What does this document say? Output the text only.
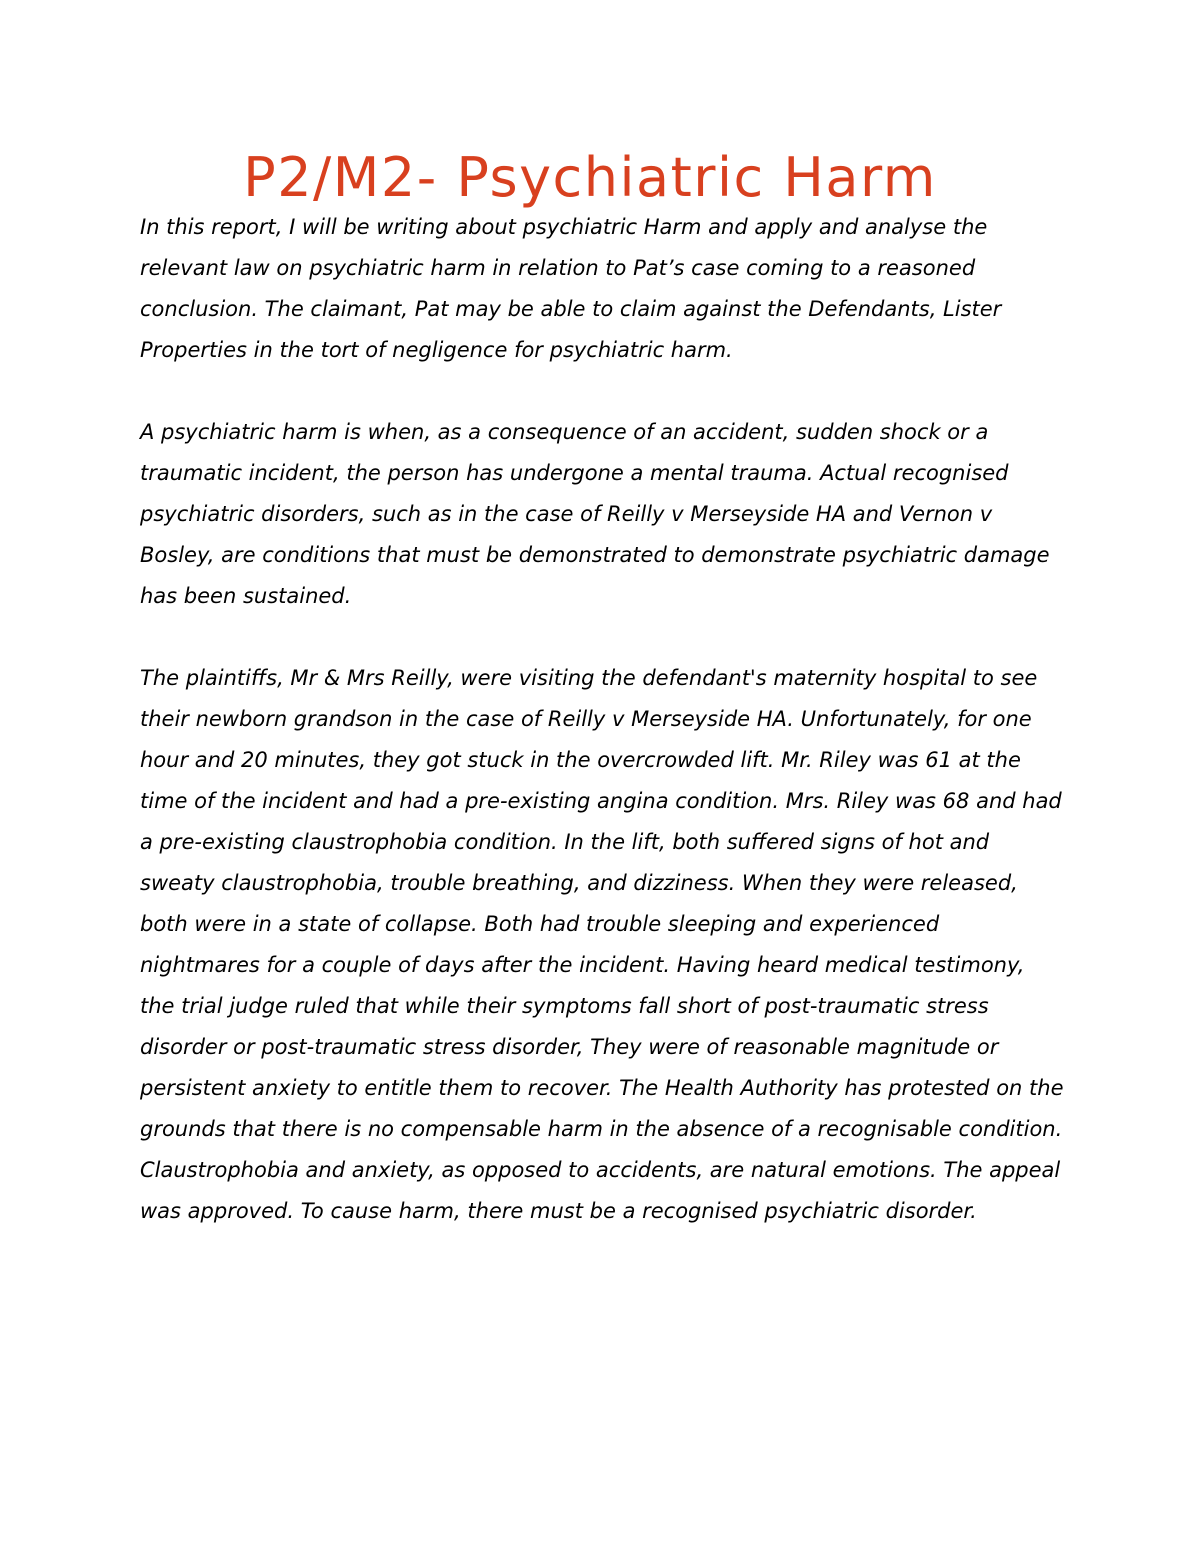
P2/M2- Psychiatric Harm

In this report, I will be writing about psychiatric Harm and apply and analyse the relevant law on psychiatric harm in relation to Pat’s case coming to a reasoned conclusion. The claimant, Pat may be able to claim against the Defendants, Lister Properties in the tort of negligence for psychiatric harm.

A psychiatric harm is when, as a consequence of an accident, sudden shock or a traumatic incident, the person has undergone a mental trauma. Actual recognised psychiatric disorders, such as in the case of Reilly v Merseyside HA and Vernon v Bosley, are conditions that must be demonstrated to demonstrate psychiatric damage has been sustained.

The plaintiffs, Mr & Mrs Reilly, were visiting the defendant's maternity hospital to see their newborn grandson in the case of Reilly v Merseyside HA. Unfortunately, for one hour and 20 minutes, they got stuck in the overcrowded lift. Mr. Riley was 61 at the time of the incident and had a pre-existing angina condition. Mrs. Riley was 68 and had a pre-existing claustrophobia condition. In the lift, both suffered signs of hot and sweaty claustrophobia, trouble breathing, and dizziness. When they were released, both were in a state of collapse. Both had trouble sleeping and experienced nightmares for a couple of days after the incident. Having heard medical testimony, the trial judge ruled that while their symptoms fall short of post-traumatic stress disorder or post-traumatic stress disorder, They were of reasonable magnitude or persistent anxiety to entitle them to recover. The Health Authority has protested on the grounds that there is no compensable harm in the absence of a recognisable condition. Claustrophobia and anxiety, as opposed to accidents, are natural emotions. The appeal was approved. To cause harm, there must be a recognised psychiatric disorder.
